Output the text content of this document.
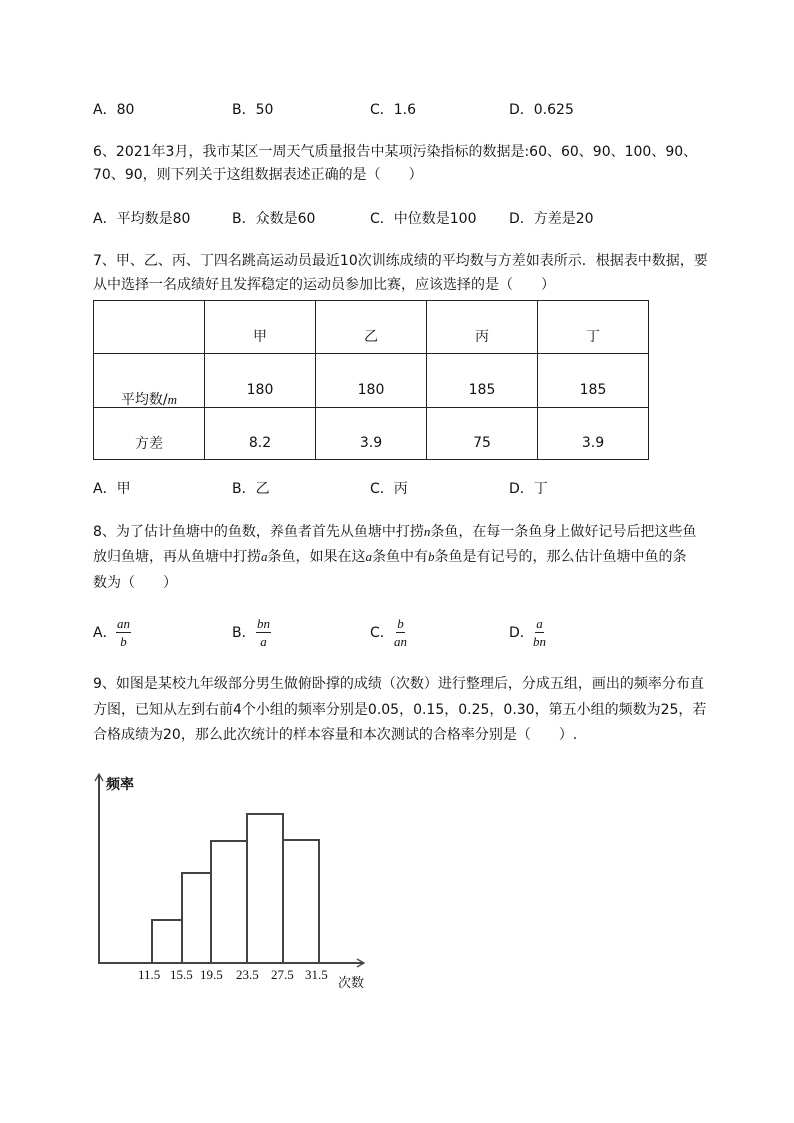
A．80	B．50	C．1.6	D．0.625
6、2021年3月，我市某区一周天气质量报告中某项污染指标的数据是:60、60、90、100、90、
70、90，则下列关于这组数据表述正确的是（　　）
A．平均数是80	B．众数是60	C．中位数是100 D．方差是20
7、甲、乙、丙、丁四名跳高运动员最近10次训练成绩的平均数与方差如表所示．根据表中数据，要
从中选择一名成绩好且发挥稳定的运动员参加比赛，应该选择的是（　　）
	甲	乙	丙	丁
平均数/m	180	180	185	185
方差	8.2	3.9	75	3.9
A．甲	B．乙	C．丙	D．丁
8、为了估计鱼塘中的鱼数，养鱼者首先从鱼塘中打捞n条鱼，在每一条鱼身上做好记号后把这些鱼
放归鱼塘，再从鱼塘中打捞a条鱼，如果在这a条鱼中有b条鱼是有记号的，那么估计鱼塘中鱼的条
数为（　　）
A． $\frac{an}{b}$	B． $\frac{bn}{a}$	C． $\frac{b}{an}$	D． $\frac{a}{bn}$
9、如图是某校九年级部分男生做俯卧撑的成绩（次数）进行整理后，分成五组，画出的频率分布直
方图，已知从左到右前4个小组的频率分别是0.05，0.15，0.25，0.30，第五小组的频数为25，若
合格成绩为20，那么此次统计的样本容量和本次测试的合格率分别是（　　）.
频率
次数
11.5 15.5 19.5 23.5 27.5 31.5
